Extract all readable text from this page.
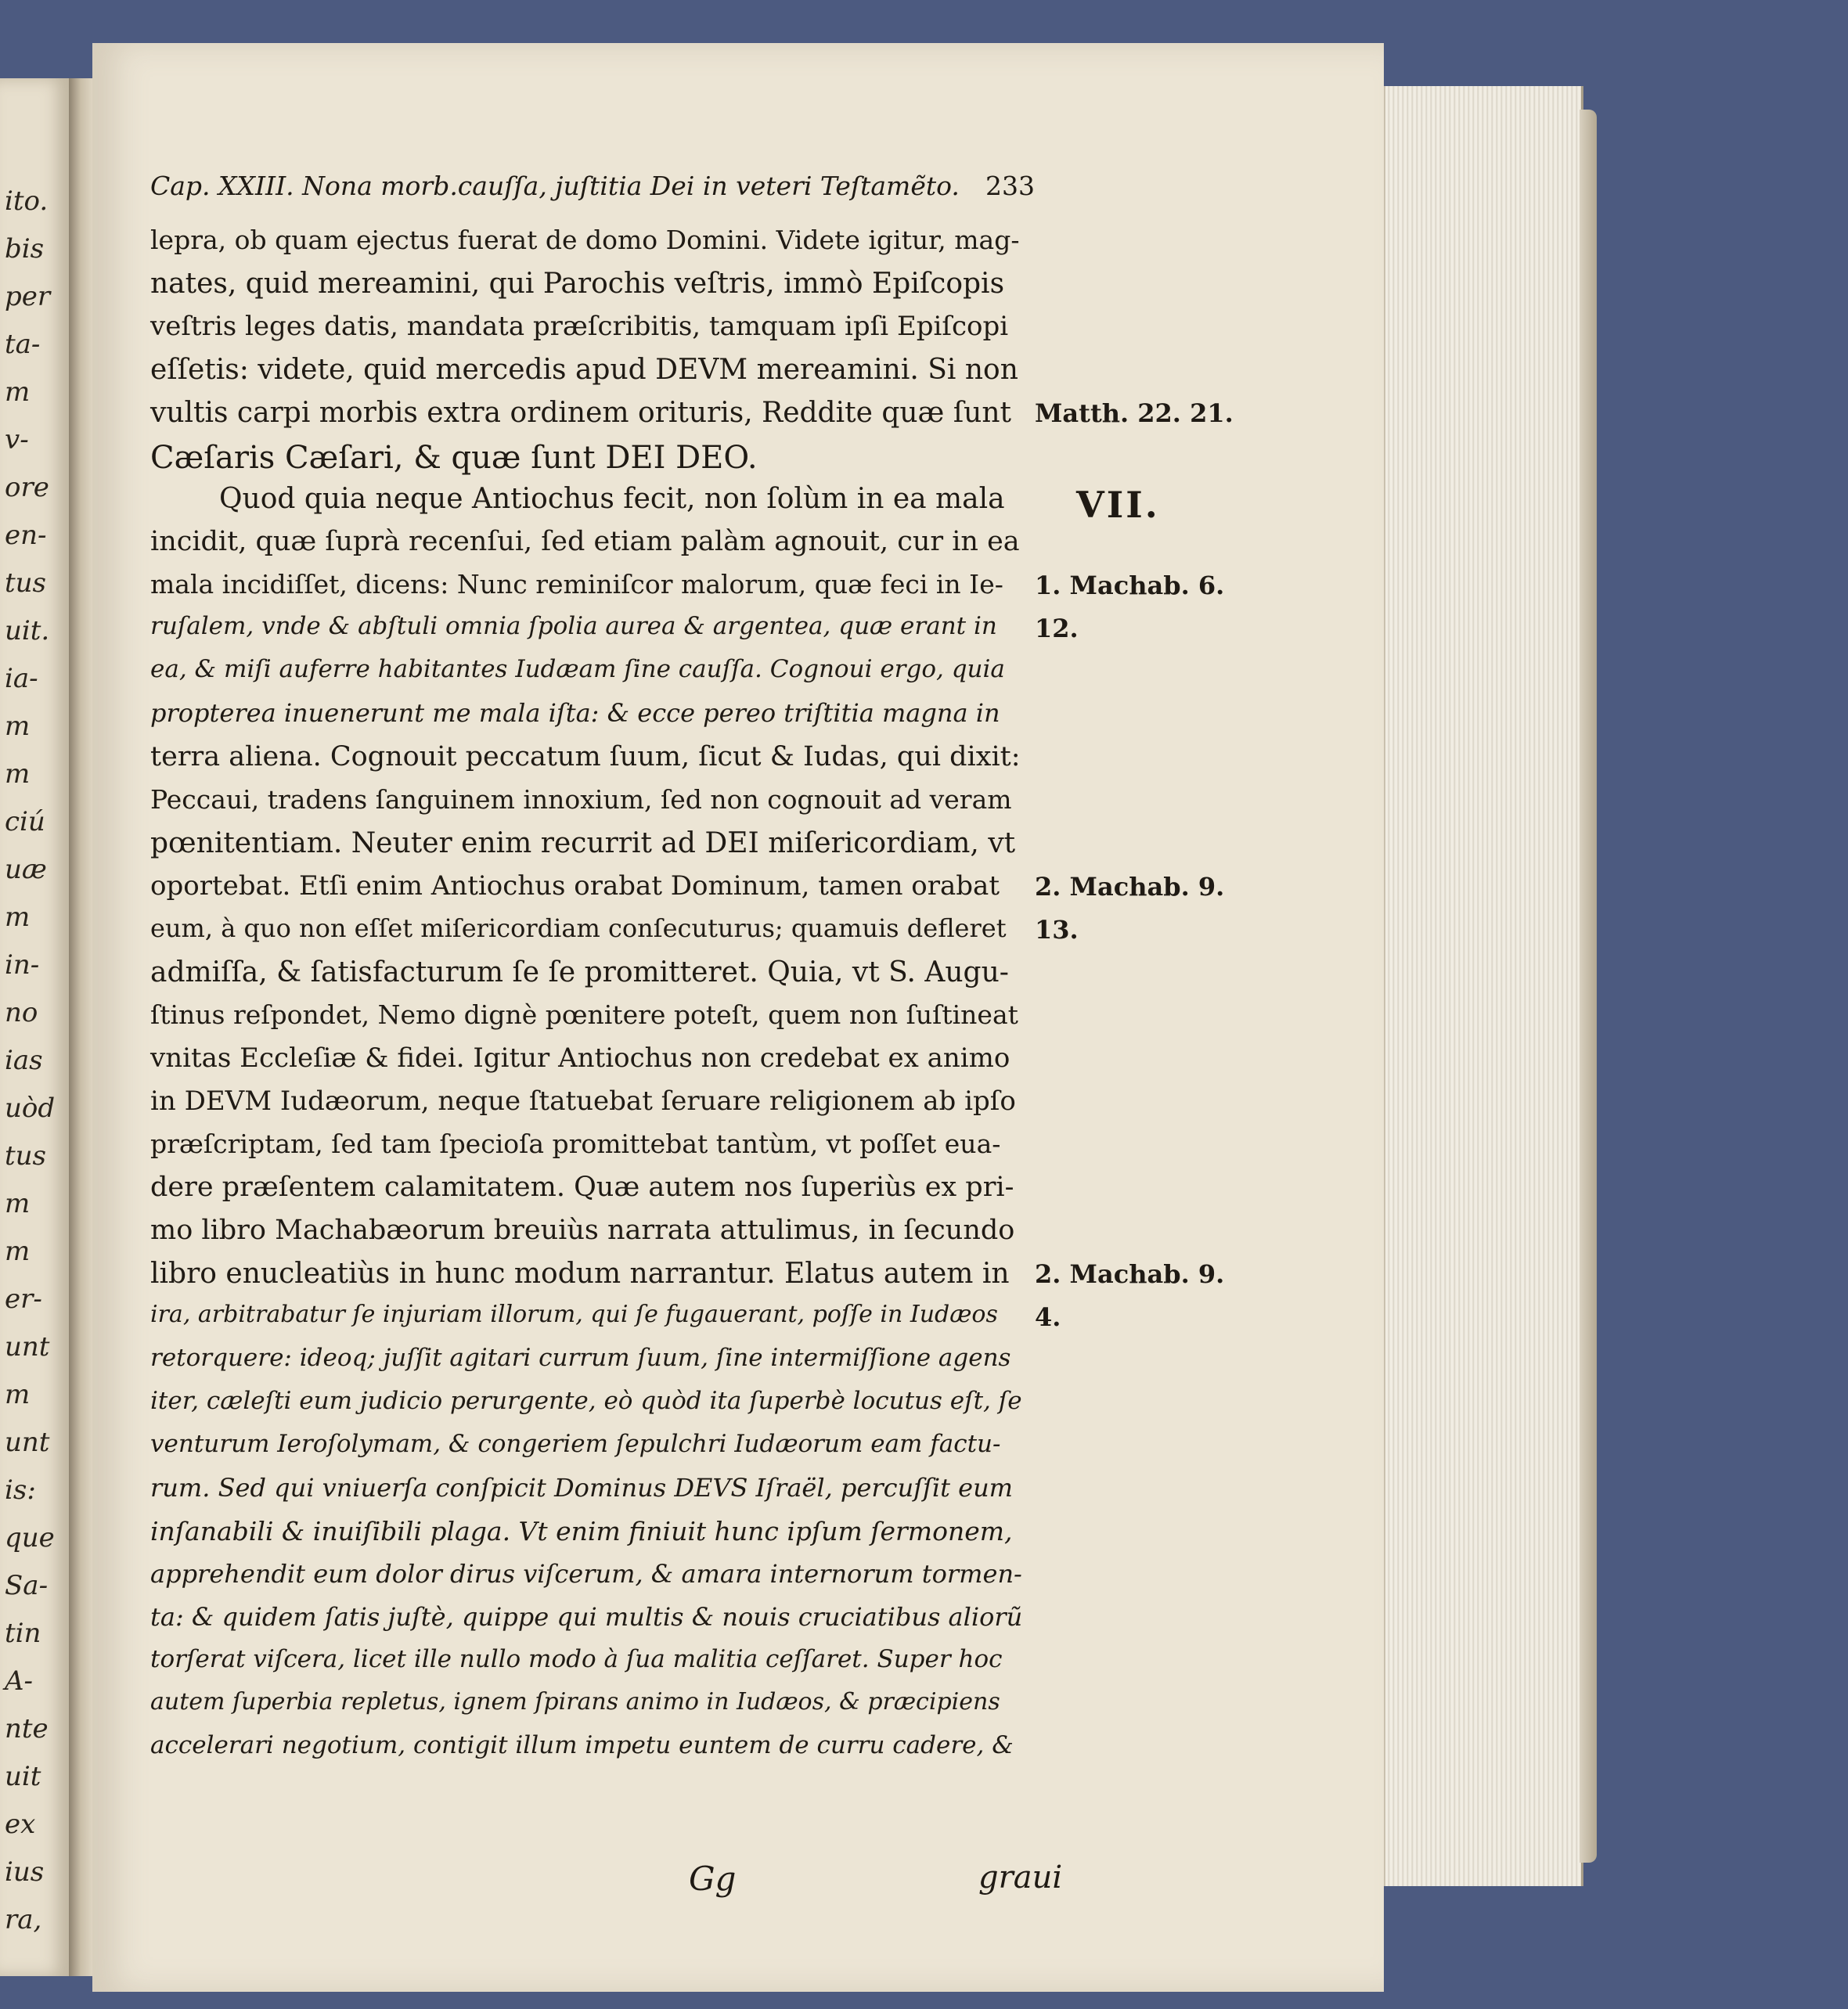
ito.
bis
per
ta-
m
v-
ore
en-
tus
uit.
ia-
m
m
ciú
uæ
m
in-
no
ias
uòd
tus
m
m
er-
unt
m
unt
is:
que
Sa-
tin
A-
nte
uit
ex
ius
ra,
Cap. XXIII. Nona morb.cauſſa, juſtitia Dei in veteri Teſtamẽto. 233
lepra, ob quam ejectus fuerat de domo Domini. Videte igitur, mag-
nates, quid mereamini, qui Parochis veſtris, immò Epiſcopis
veſtris leges datis, mandata præſcribitis, tamquam ipſi Epiſcopi
eſſetis: videte, quid mercedis apud DEVM mereamini. Si non
vultis carpi morbis extra ordinem orituris, Reddite quæ ſunt
Cæſaris Cæſari, & quæ ſunt DEI DEO.
Quod quia neque Antiochus fecit, non ſolùm in ea mala
incidit, quæ ſuprà recenſui, ſed etiam palàm agnouit, cur in ea
mala incidiſſet, dicens: Nunc reminiſcor malorum, quæ feci in Ie-
ruſalem, vnde & abſtuli omnia ſpolia aurea & argentea, quæ erant in
ea, & miſi auferre habitantes Iudæam ſine cauſſa. Cognoui ergo, quia
propterea inuenerunt me mala iſta: & ecce pereo triſtitia magna in
terra aliena. Cognouit peccatum ſuum, ſicut & Iudas, qui dixit:
Peccaui, tradens ſanguinem innoxium, ſed non cognouit ad veram
pœnitentiam. Neuter enim recurrit ad DEI miſericordiam, vt
oportebat. Etſi enim Antiochus orabat Dominum, tamen orabat
eum, à quo non eſſet miſericordiam conſecuturus; quamuis defleret
admiſſa, & ſatisfacturum ſe ſe promitteret. Quia, vt S. Augu-
ſtinus reſpondet, Nemo dignè pœnitere poteſt, quem non ſuſtineat
vnitas Eccleſiæ & fidei. Igitur Antiochus non credebat ex animo
in DEVM Iudæorum, neque ſtatuebat ſeruare religionem ab ipſo
præſcriptam, ſed tam ſpecioſa promittebat tantùm, vt poſſet eua-
dere præſentem calamitatem. Quæ autem nos ſuperiùs ex pri-
mo libro Machabæorum breuiùs narrata attulimus, in ſecundo
libro enucleatiùs in hunc modum narrantur. Elatus autem in
ira, arbitrabatur ſe injuriam illorum, qui ſe fugauerant, poſſe in Iudæos
retorquere: ideoq; juſſit agitari currum ſuum, ſine intermiſſione agens
iter, cæleſti eum judicio perurgente, eò quòd ita ſuperbè locutus eſt, ſe
venturum Ieroſolymam, & congeriem ſepulchri Iudæorum eam factu-
rum. Sed qui vniuerſa conſpicit Dominus DEVS Iſraël, percuſſit eum
inſanabili & inuiſibili plaga. Vt enim finiuit hunc ipſum ſermonem,
apprehendit eum dolor dirus viſcerum, & amara internorum tormen-
ta: & quidem ſatis juſtè, quippe qui multis & nouis cruciatibus aliorũ
torſerat viſcera, licet ille nullo modo à ſua malitia ceſſaret. Super hoc
autem ſuperbia repletus, ignem ſpirans animo in Iudæos, & præcipiens
accelerari negotium, contigit illum impetu euntem de curru cadere, &
Matth. 22. 21.
VII.
1. Machab. 6.
12.
2. Machab. 9.
13.
2. Machab. 9.
4.
Gg	graui
